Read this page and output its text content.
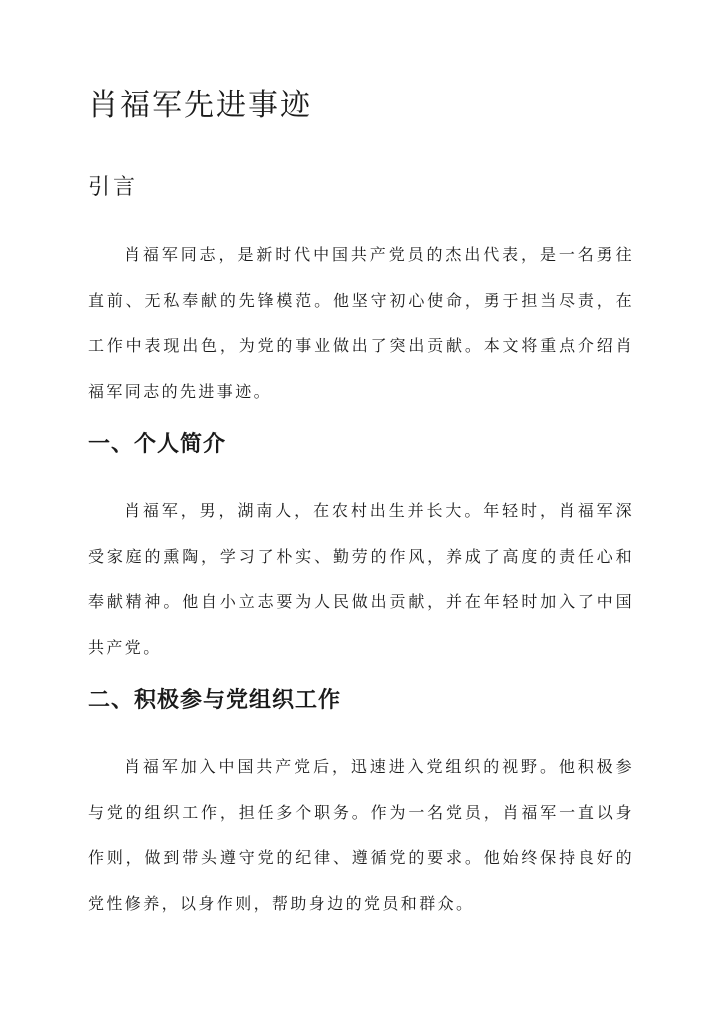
肖福军先进事迹
引言

肖福军同志，是新时代中国共产党员的杰出代表，是一名勇往直前、无私奉献的先锋模范。他坚守初心使命，勇于担当尽责，在工作中表现出色，为党的事业做出了突出贡献。本文将重点介绍肖福军同志的先进事迹。

一、个人简介

肖福军，男，湖南人，在农村出生并长大。年轻时，肖福军深受家庭的熏陶，学习了朴实、勤劳的作风，养成了高度的责任心和奉献精神。他自小立志要为人民做出贡献，并在年轻时加入了中国共产党。

二、积极参与党组织工作

肖福军加入中国共产党后，迅速进入党组织的视野。他积极参与党的组织工作，担任多个职务。作为一名党员，肖福军一直以身作则，做到带头遵守党的纪律、遵循党的要求。他始终保持良好的党性修养，以身作则，帮助身边的党员和群众。
